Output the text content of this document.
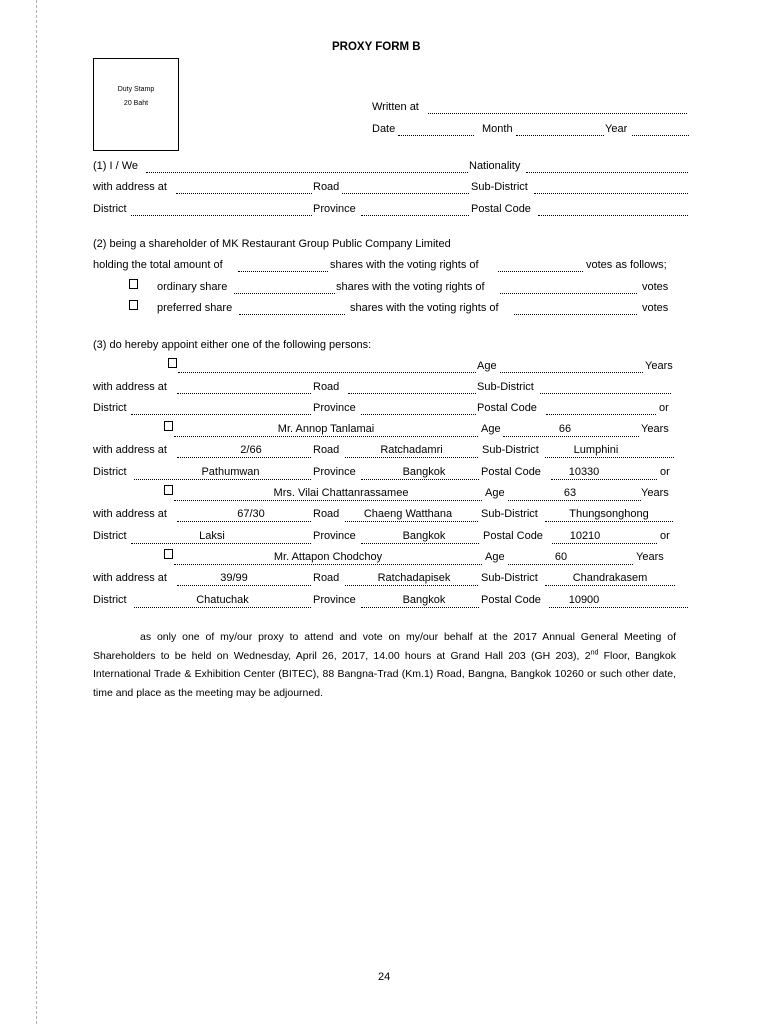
PROXY FORM B
Duty Stamp
20 Baht	Written at
Date	Month	Year
(1) I / We	Nationality
with address at	Road	Sub-District
District	Province	Postal Code
(2) being a shareholder of MK Restaurant Group Public Company Limited
holding the total amount of	shares with the voting rights of	votes as follows;
ordinary share	shares with the voting rights of	votes
preferred share	shares with the voting rights of	votes
(3) do hereby appoint either one of the following persons:
Age	Years
with address at	Road	Sub-District
District	Province	Postal Code	or
Mr. Annop Tanlamai	Age	66	Years
with address at	2/66	Road	Ratchadamri	Sub-District	Lumphini
District	Pathumwan	Province	Bangkok	Postal Code	10330	or
Mrs. Vilai Chattanrassamee	Age	63	Years
with address at	67/30	Road	Chaeng Watthana	Sub-District	Thungsonghong
District	Laksi	Province	Bangkok	Postal Code	10210	or
Mr. Attapon Chodchoy	Age	60	Years
with address at	39/99	Road	Ratchadapisek	Sub-District	Chandrakasem
District	Chatuchak	Province	Bangkok	Postal Code	10900
as only one of my/our proxy to attend and vote on my/our behalf at the 2017 Annual General Meeting of Shareholders to be held on Wednesday, April 26, 2017, 14.00 hours at Grand Hall 203 (GH 203), 2nd Floor, Bangkok International Trade & Exhibition Center (BITEC), 88 Bangna-Trad (Km.1) Road, Bangna, Bangkok 10260 or such other date, time and place as the meeting may be adjourned.
24
